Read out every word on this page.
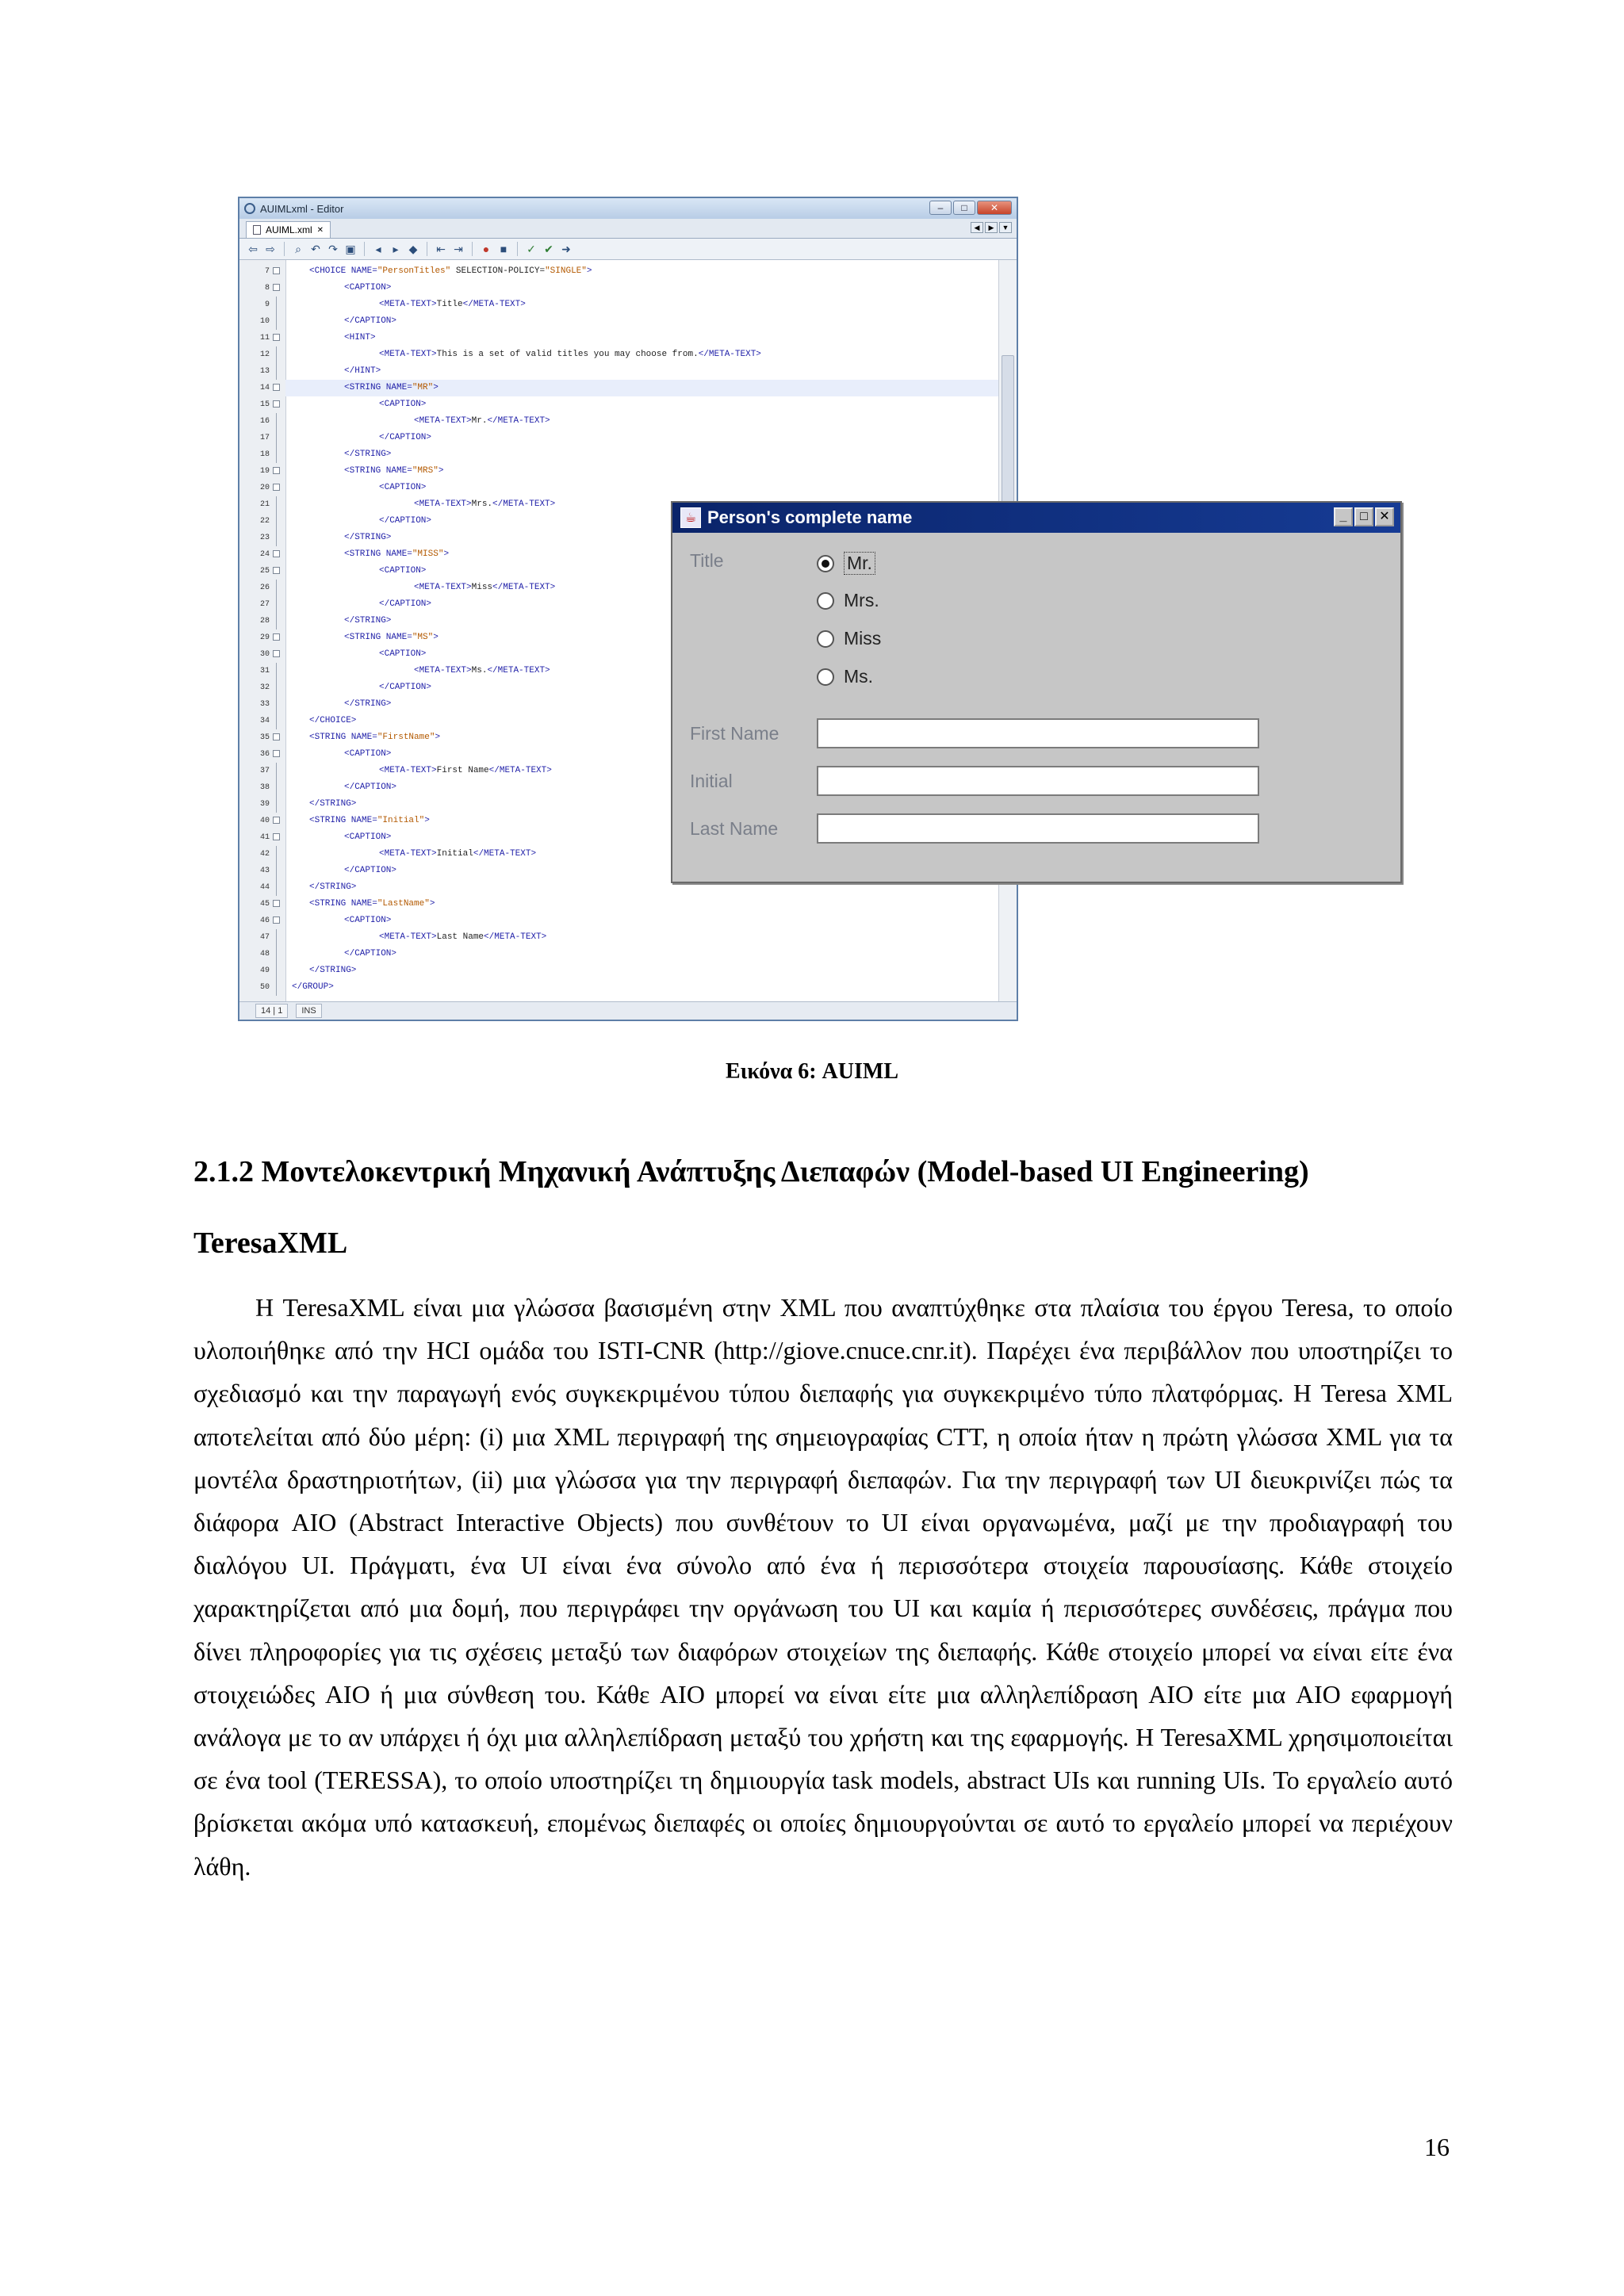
AUIMLxml - Editor	–	□	✕
AUIML.xml ✕	◀	▶	▼
⇦ ⇨	⌕ ↶ ↷ ▣	◂	▸ ◆ ⇤ ⇥	● ■	✓ ✔ ➜
7	<CHOICE NAME="PersonTitles" SELECTION-POLICY="SINGLE">
8	<CAPTION>
9	<META-TEXT>Title</META-TEXT>
10	</CAPTION>
11	<HINT>
12	<META-TEXT>This is a set of valid titles you may choose from.</META-TEXT>
13	</HINT>
14	<STRING NAME="MR">
15	<CAPTION>
16	<META-TEXT>Mr.</META-TEXT>
17	</CAPTION>
18	</STRING>
19	<STRING NAME="MRS">
20	<CAPTION>
21	<META-TEXT>Mrs.</META-TEXT>
22	</CAPTION>
23	</STRING>
24	<STRING NAME="MISS">
25	<CAPTION>
26	<META-TEXT>Miss</META-TEXT>
27	</CAPTION>
28	</STRING>
29	<STRING NAME="MS">
30	<CAPTION>
31	<META-TEXT>Ms.</META-TEXT>
32	</CAPTION>
33	</STRING>
34	</CHOICE>
35	<STRING NAME="FirstName">
36	<CAPTION>
37	<META-TEXT>First Name</META-TEXT>
38	</CAPTION>
39	</STRING>
40	<STRING NAME="Initial">
41	<CAPTION>
42	<META-TEXT>Initial</META-TEXT>
43	</CAPTION>
44	</STRING>
45	<STRING NAME="LastName">
46	<CAPTION>
47	<META-TEXT>Last Name</META-TEXT>
48	</CAPTION>
49	</STRING>
50	</GROUP>
14 | 1	INS
☕ Person's complete name	_	□ ✕
Title	Mr.
Mrs.
Miss
Ms.
First Name
Initial
Last Name
Εικόνα 6: AUIML
2.1.2 Μοντελοκεντρική Μηχανική Ανάπτυξης Διεπαφών (Model-based UI Engineering)
TeresaXML

Η TeresaXML είναι μια γλώσσα βασισμένη στην XML που αναπτύχθηκε στα πλαίσια του έργου Teresa, το οποίο υλοποιήθηκε από την HCI ομάδα του ISTI-CNR (http://giove.cnuce.cnr.it). Παρέχει ένα περιβάλλον που υποστηρίζει το σχεδιασμό και την παραγωγή ενός συγκεκριμένου τύπου διεπαφής για συγκεκριμένο τύπο πλατφόρμας. Η Teresa XML αποτελείται από δύο μέρη: (i) μια XML περιγραφή της σημειογραφίας CTT, η οποία ήταν η πρώτη γλώσσα XML για τα μοντέλα δραστηριοτήτων, (ii) μια γλώσσα για την περιγραφή διεπαφών. Για την περιγραφή των UI διευκρινίζει πώς τα διάφορα AIO (Abstract Interactive Objects) που συνθέτουν το UI είναι οργανωμένα, μαζί με την προδιαγραφή του διαλόγου UI. Πράγματι, ένα UI είναι ένα σύνολο από ένα ή περισσότερα στοιχεία παρουσίασης. Κάθε στοιχείο χαρακτηρίζεται από μια δομή, που περιγράφει την οργάνωση του UI και καμία ή περισσότερες συνδέσεις, πράγμα που δίνει πληροφορίες για τις σχέσεις μεταξύ των διαφόρων στοιχείων της διεπαφής. Κάθε στοιχείο μπορεί να είναι είτε ένα στοιχειώδες AIO ή μια σύνθεση του. Κάθε AIO μπορεί να είναι είτε μια αλληλεπίδραση AIO είτε μια AIO εφαρμογή ανάλογα με το αν υπάρχει ή όχι μια αλληλεπίδραση μεταξύ του χρήστη και της εφαρμογής. Η TeresaXML χρησιμοποιείται σε ένα tool (TERESSA), το οποίο υποστηρίζει τη δημιουργία task models, abstract UIs και running UIs. Το εργαλείο αυτό βρίσκεται ακόμα υπό κατασκευή, επομένως διεπαφές οι οποίες δημιουργούνται σε αυτό το εργαλείο μπορεί να περιέχουν λάθη.

16
